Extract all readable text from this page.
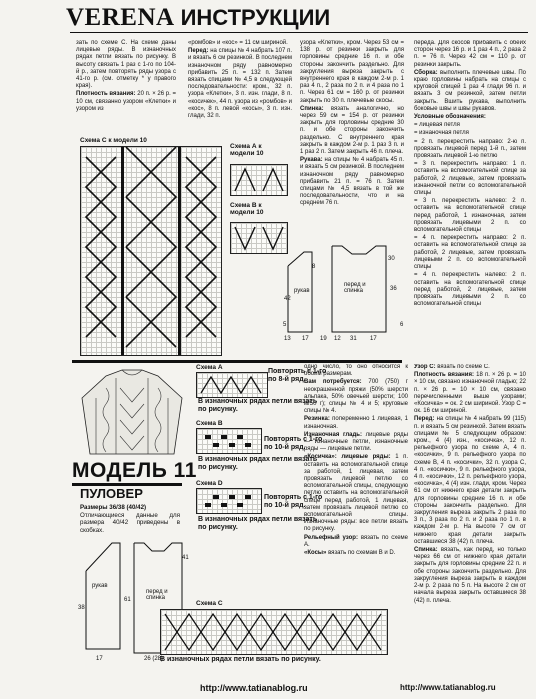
VERENA ИНСТРУКЦИИ

зать по схеме С. На схеме даны лицевые ряды. В изнаночных рядах петли вязать по рисунку. В высоту связать 1 раз с 1-го по 104-й р., затем повторять ряды узора с 41-го р. (см. отметку * у правого края).

Плотность вязания: 20 п. × 26 р. = 10 см, связанно узором «Клетки» и узором из

«ромбов» и «кос» = 11 см шириной.

Перед: на спицы № 4 набрать 107 п. и вязать 6 см резинкой. В последнем изнаночном ряду равномерно прибавить 25 п. = 132 п. Затем вязать спицами № 4,5 в следующей последовательности: кром., 32 п. узора «Клетки», 3 п. изн. глади, 8 п. «косичек», 44 п. узора из «ромбов» и «кос», 8 п. левой «косы», 3 п. изн. глади, 32 п.

узора «Клетки», кром. Через 53 см = 138 р. от резинки закрыть для горловины средние 16 п. и обе стороны закончить раздельно. Для закругления выреза закрыть с внутреннего края в каждом 2-м р. 1 раз 4 п., 2 раза по 2 п. и 4 раза по 1 п. Через 61 см = 160 р. от резинки закрыть по 30 п. плечевые скосы.

Спинка: вязать аналогично, но через 59 см = 154 р. от резинки закрыть для горловины средние 30 п. и обе стороны закончить раздельно. С внутреннего края закрыть в каждом 2-м р. 1 раз 3 п. и 1 раз 2 п. Затем закрыть 46 п. плеча.

Рукава: на спицы № 4 набрать 45 п. и вязать 5 см резинкой. В последнем изнаночном ряду равномерно прибавить 21 п. = 76 п. Затем спицами № 4,5 вязать в той же последовательности, что и на среднем 76 п.

переда. Для скосов прибавить с обеих сторон через 16 р. и 1 раз 4 п., 2 раза 2 п. = 76 п. Через 42 см = 110 р. от резинки закрыть.

Сборка: выполнить плечевые швы. По краю горловины набрать на спицы с круговой спицей 1 раз 4 глади 96 п. и вязать 3 см резинкой, затем петли закрыть. Вшить рукава, выполнить боковые швы и швы рукавов.

Условные обозначения:

= лицевая петля

= изнаночная петля

= 2 п. перекрестить направо: 2-ю п. провязать лицевой перед 1-й п., затем провязать лицевой 1-ю петлю

= 3 п. перекрестить направо: 1 п. оставить на вспомогательной спице за работой, 2 лицевые, затем провязать изнаночной петли со вспомогательной спицы

= 3 п. перекрестить налево: 2 п. оставить на вспомогательной спице перед работой, 1 изнаночная, затем провязать лицевыми 2 п. со вспомогательной спицы

= 4 п. перекрестить направо: 2 п. оставить на вспомогательной спице за работой, 2 лицевые, затем провязать лицевыми 2 п. со вспомогательной спицы

= 4 п. перекрестить налево: 2 п. оставить на вспомогательной спице перед работой, 2 лицевые, затем провязать лицевыми 2 п. со вспомогательной спицы

Схема С к модели 10
Схема А к модели 10
Схема В к модели 10
рукав
перед и спинка
30
8
36
42
5
31
13 17 19 12	17
6
МОДЕЛЬ 11
ПУЛОВЕР

Размеры 36/38 (40/42)

Отличающиеся данные для размера 40/42 приведены в скобках.

рукав
перед и спинка
38
61
41
26 (28)
17
Схема А
Повторять с 1-го по 8-й ряд.
В изнаночных рядах петли вязать по рисунку.
Схема В
Повторять с 1-го по 10-й ряд.
В изнаночных рядах петли вязать по рисунку.
Схема D
Повторять с 1-го по 10-й ряд.
В изнаночных рядах петли вязать по рисунку.
Схема С
В изнаночных рядах петли вязать по рисунку.

одно число, то оно относится к обоим размерам.

Вам потребуется: 700 (750) г неокрашенной пряжи (50% шерсти альпака, 50% овечьей шерсти; 100 м/50 г); спицы № 4 и 5; круговые спицы № 4.

Резинка: попеременно 1 лицевая, 1 изнаночная.

Изнаночная гладь: лицевые ряды — изнаночные петли, изнаночные ряды — лицевые петли.

«Косичка»: лицевые ряды: 1 п. оставить на вспомогательной спице за работой, 1 лицевая, затем провязать лицевой петлю со вспомогательной спицы, следующую петлю оставить на вспомогательной спице перед работой, 1 лицевая, затем провязать лицевой петлю со вспомогательной спицы. Изнаночные ряды: все петли вязать по рисунку.

Рельефный узор: вязать по схеме А.

«Косы» вязать по схемам В и D.

Узор С: вязать по схеме С.

Плотность вязания: 18 п. × 26 р. = 10 × 10 см, связано изнаночной гладью; 22 п. × 26 р. = 10 × 10 см, связано перечисленными выше узорами; «Косичка» = ок. 2 см шириной. Узор С = ок. 16 см шириной.

Перед: на спицы № 4 набрать 99 (115) п. и вязать 5 см резинкой. Затем вязать спицами № 5 следующим образом: кром., 4 (4) изн., «косичка», 12 п. рельефного узора по схеме А, 4 п. «косички», 9 п. рельефного узора по схеме В, 4 п. «косички», 32 п. узора С, 4 п. «косички», 9 п. рельефного узора, 4 п. «косички», 12 п. рельефного узора, «косичка», 4 (4) изн. глади, кром. Через 61 см от нижнего края детали закрыть для горловины средние 16 п. и обе стороны закончить раздельно. Для закругления выреза закрыть 2 раза по 3 п., 3 раза по 2 п. и 2 раза по 1 п. в каждом 2-м р. На высоте 7 см от нижнего края детали закрыть оставшиеся 38 (42) п. плеча.

Спинка: вязать, как перед, но только через 66 см от нижнего края детали закрыть для горловины средние 22 п. и обе стороны закончить раздельно. Для закругления выреза закрыть в каждом 2-м р. 2 раза по 5 п. На высоте 2 см от начала выреза закрыть оставшиеся 38 (42) п. плеча.

http://www.tatianablog.ru	http://www.tatianablog.ru
